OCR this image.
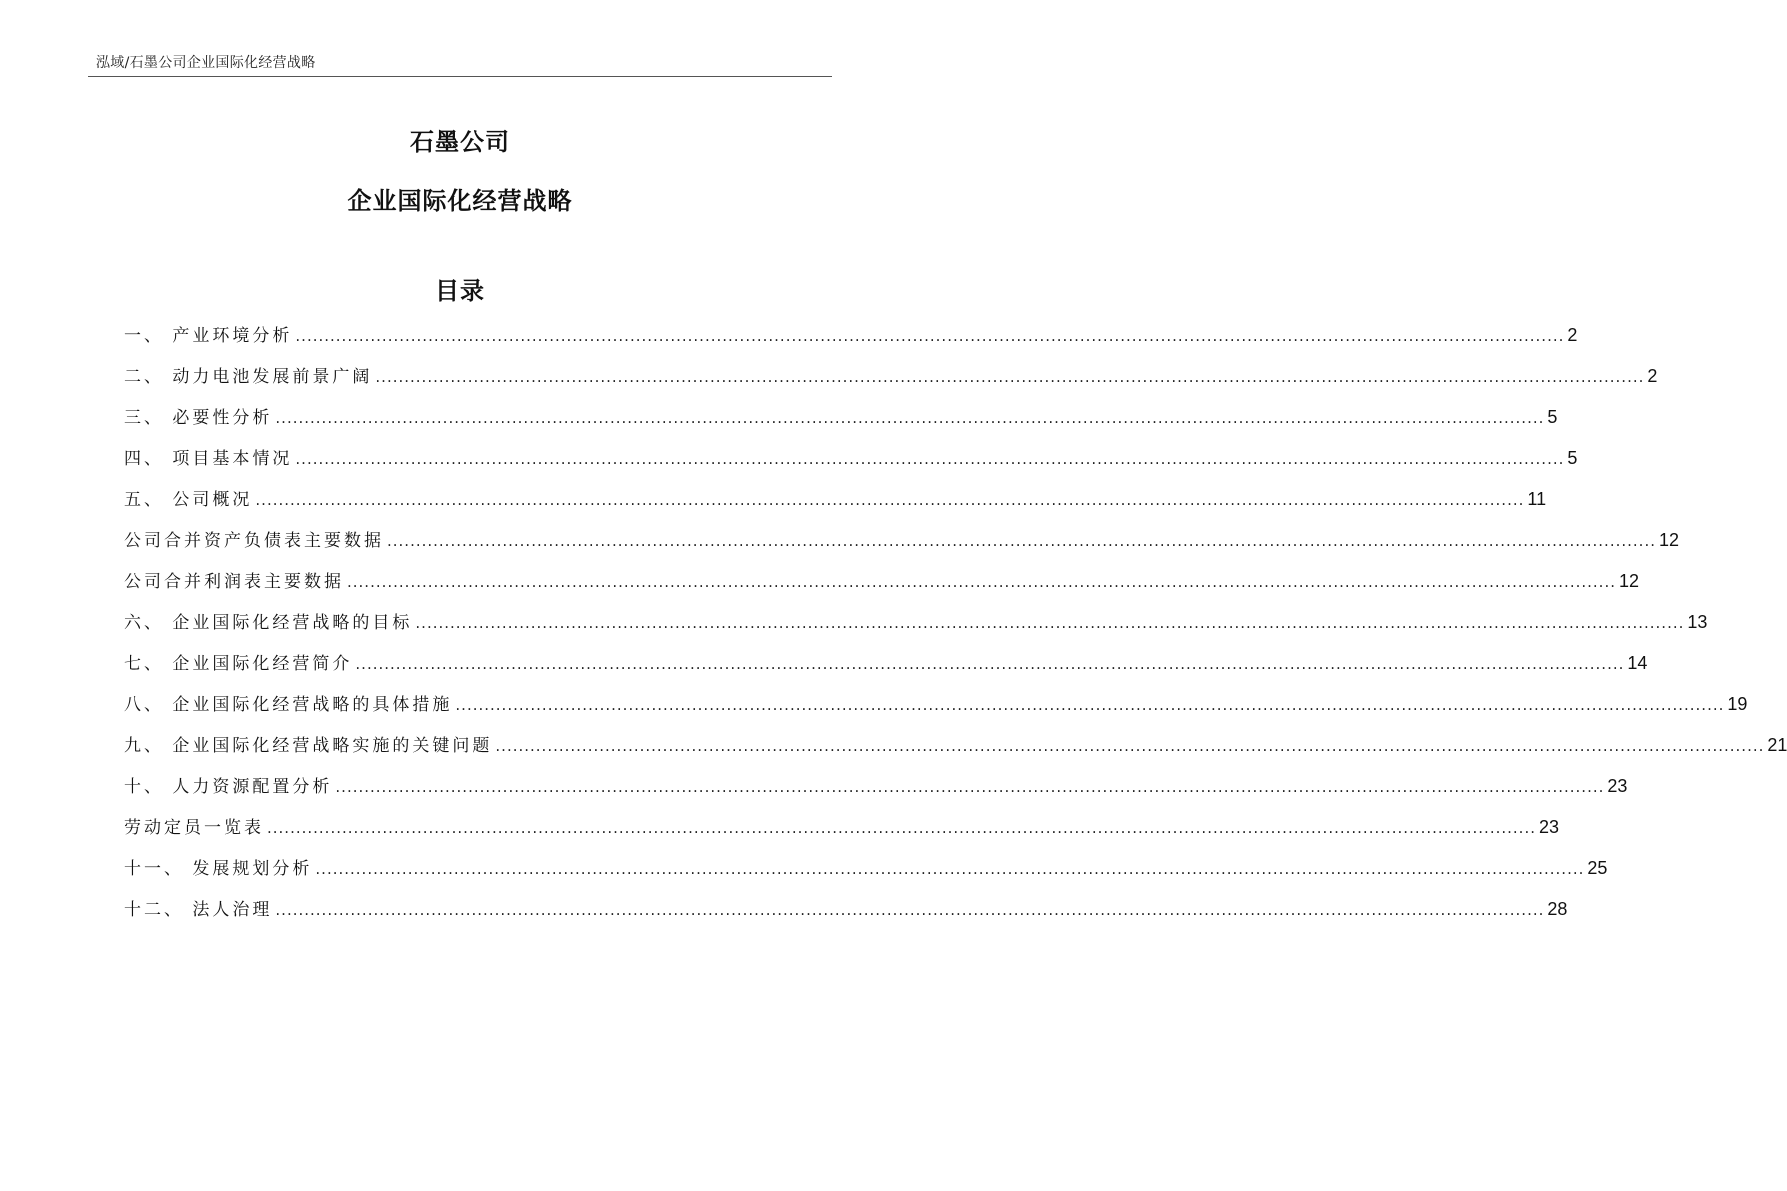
泓域/石墨公司企业国际化经营战略
石墨公司
企业国际化经营战略
目录
一、 产业环境分析 ............................................................................................................................................................................................................................ 2
二、 动力电池发展前景广阔 ............................................................................................................................................................................................................................ 2
三、 必要性分析 ............................................................................................................................................................................................................................ 5
四、 项目基本情况 ............................................................................................................................................................................................................................ 5
五、 公司概况 ............................................................................................................................................................................................................................ 11
公司合并资产负债表主要数据 ............................................................................................................................................................................................................................ 12
公司合并利润表主要数据 ............................................................................................................................................................................................................................ 12
六、 企业国际化经营战略的目标 ............................................................................................................................................................................................................................ 13
七、 企业国际化经营简介 ............................................................................................................................................................................................................................ 14
八、 企业国际化经营战略的具体措施 ............................................................................................................................................................................................................................ 19
九、 企业国际化经营战略实施的关键问题 ............................................................................................................................................................................................................................ 21
十、 人力资源配置分析 ............................................................................................................................................................................................................................ 23
劳动定员一览表 ............................................................................................................................................................................................................................ 23
十一、 发展规划分析 ............................................................................................................................................................................................................................ 25
十二、 法人治理 ............................................................................................................................................................................................................................ 28
